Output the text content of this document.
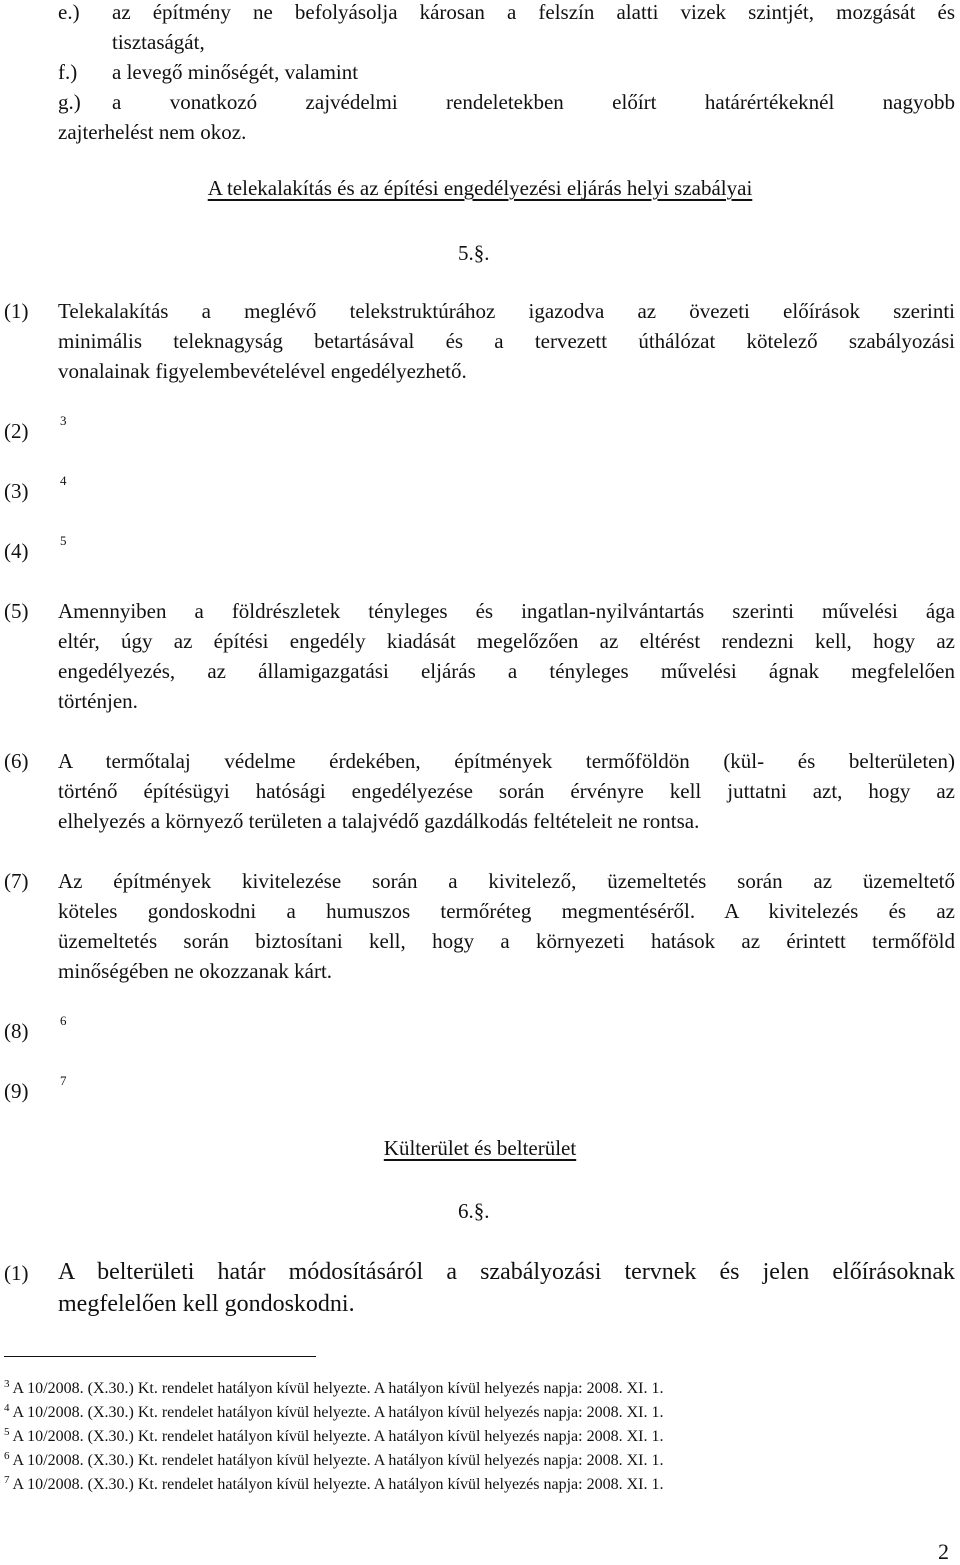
e.) az építmény ne befolyásolja károsan a felszín alatti vizek szintjét, mozgását és
tisztaságát,
f.) a levegő minőségét, valamint
g.) a vonatkozó zajvédelmi rendeletekben előírt határértékeknél nagyobb
zajterhelést nem okoz.
A telekalakítás és az építési engedélyezési eljárás helyi szabályai
5.§.
(1) Telekalakítás a meglévő telekstruktúrához igazodva az övezeti előírások szerinti
minimális teleknagyság betartásával és a tervezett úthálózat kötelező szabályozási
vonalainak figyelembevételével engedélyezhető.
(2) 3
(3) 4
(4) 5
(5) Amennyiben a földrészletek tényleges és ingatlan-nyilvántartás szerinti művelési ága
eltér, úgy az építési engedély kiadását megelőzően az eltérést rendezni kell, hogy az
engedélyezés, az államigazgatási eljárás a tényleges művelési ágnak megfelelően
történjen.
(6) A termőtalaj védelme érdekében, építmények termőföldön (kül- és belterületen)
történő építésügyi hatósági engedélyezése során érvényre kell juttatni azt, hogy az
elhelyezés a környező területen a talajvédő gazdálkodás feltételeit ne rontsa.
(7) Az építmények kivitelezése során a kivitelező, üzemeltetés során az üzemeltető
köteles gondoskodni a humuszos termőréteg megmentéséről. A kivitelezés és az
üzemeltetés során biztosítani kell, hogy a környezeti hatások az érintett termőföld
minőségében ne okozzanak kárt.
(8) 6
(9) 7
Külterület és belterület
6.§.
(1) A belterületi határ módosításáról a szabályozási tervnek és jelen előírásoknak
megfelelően kell gondoskodni.
$^3$ A 10/2008. (X.30.) Kt. rendelet hatályon kívül helyezte. A hatályon kívül helyezés napja: 2008. XI. 1.
$^4$ A 10/2008. (X.30.) Kt. rendelet hatályon kívül helyezte. A hatályon kívül helyezés napja: 2008. XI. 1.
$^5$ A 10/2008. (X.30.) Kt. rendelet hatályon kívül helyezte. A hatályon kívül helyezés napja: 2008. XI. 1.
$^6$ A 10/2008. (X.30.) Kt. rendelet hatályon kívül helyezte. A hatályon kívül helyezés napja: 2008. XI. 1.
$^7$ A 10/2008. (X.30.) Kt. rendelet hatályon kívül helyezte. A hatályon kívül helyezés napja: 2008. XI. 1.
2
